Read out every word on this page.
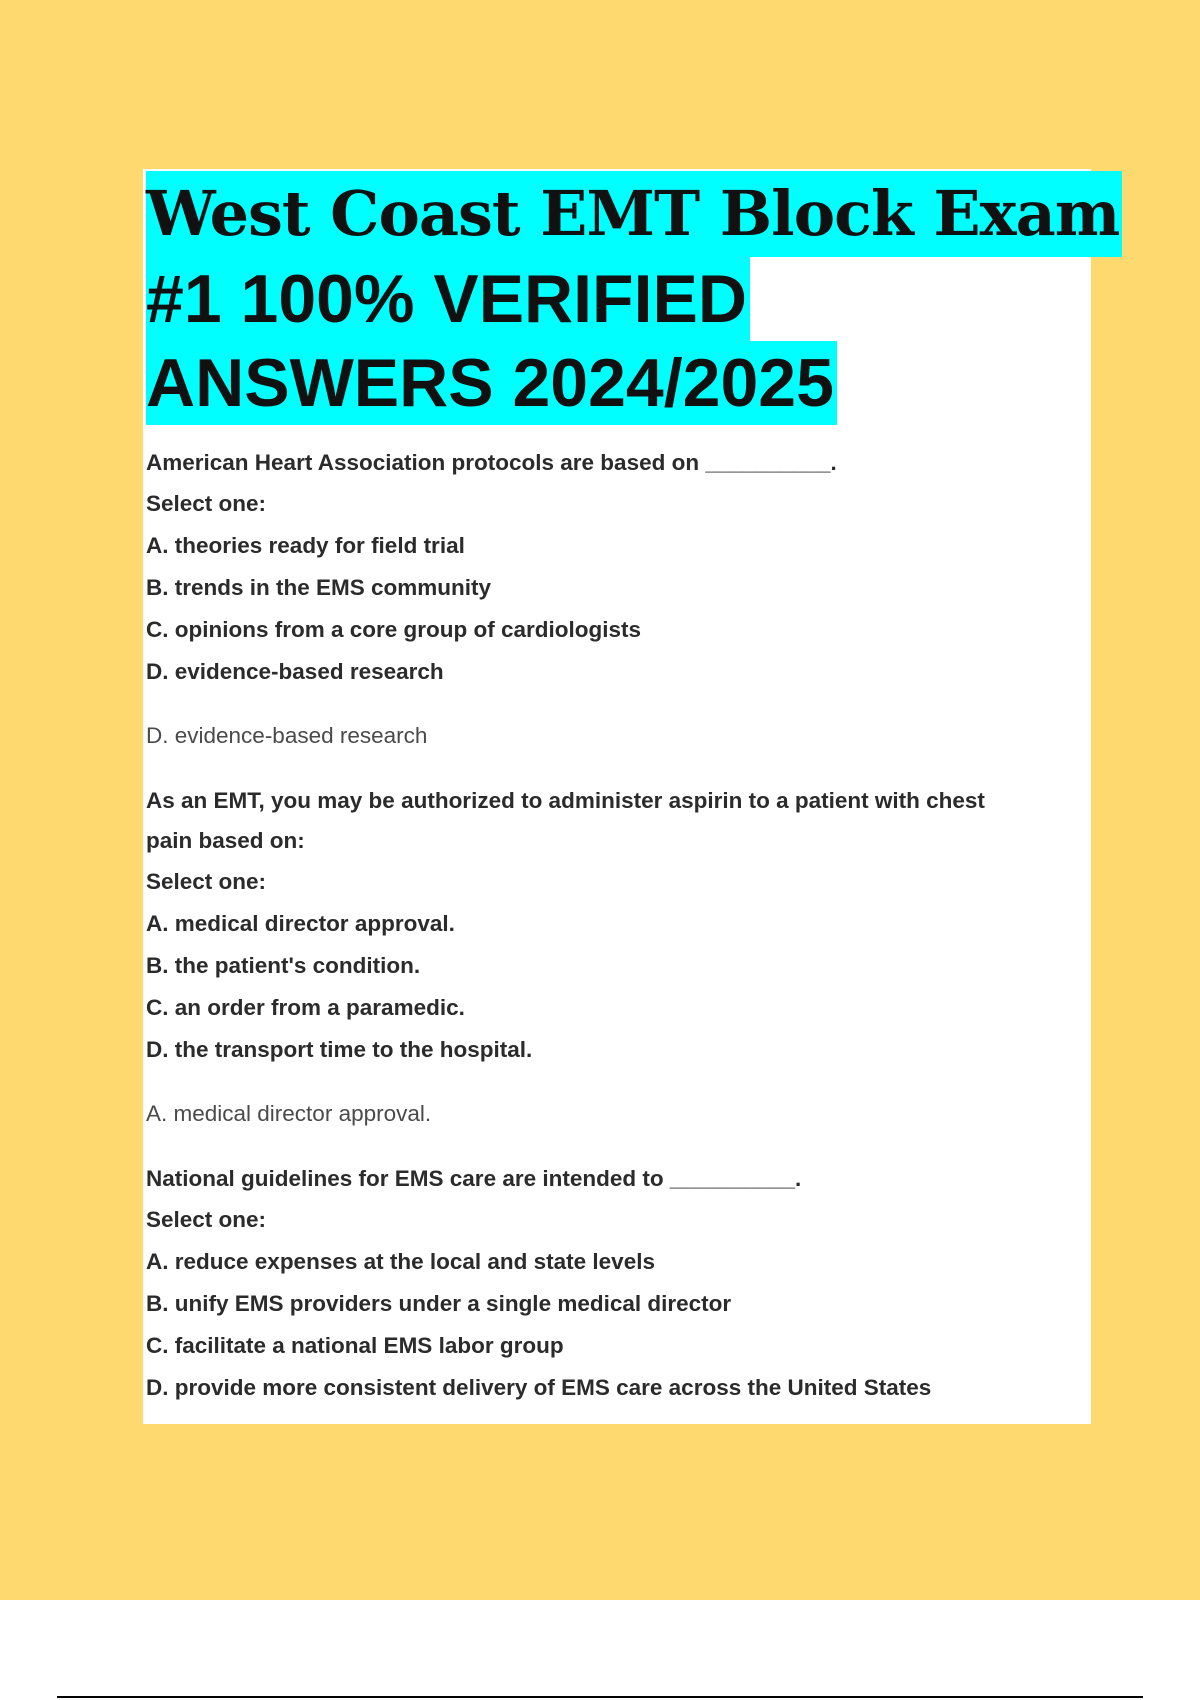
West Coast EMT Block Exam
#1 100% VERIFIED
ANSWERS 2024/2025

American Heart Association protocols are based on __________.

Select one:

A. theories ready for field trial

B. trends in the EMS community

C. opinions from a core group of cardiologists

D. evidence-based research

D. evidence-based research

As an EMT, you may be authorized to administer aspirin to a patient with chest

pain based on:

Select one:

A. medical director approval.

B. the patient's condition.

C. an order from a paramedic.

D. the transport time to the hospital.

A. medical director approval.

National guidelines for EMS care are intended to __________.

Select one:

A. reduce expenses at the local and state levels

B. unify EMS providers under a single medical director

C. facilitate a national EMS labor group

D. provide more consistent delivery of EMS care across the United States
